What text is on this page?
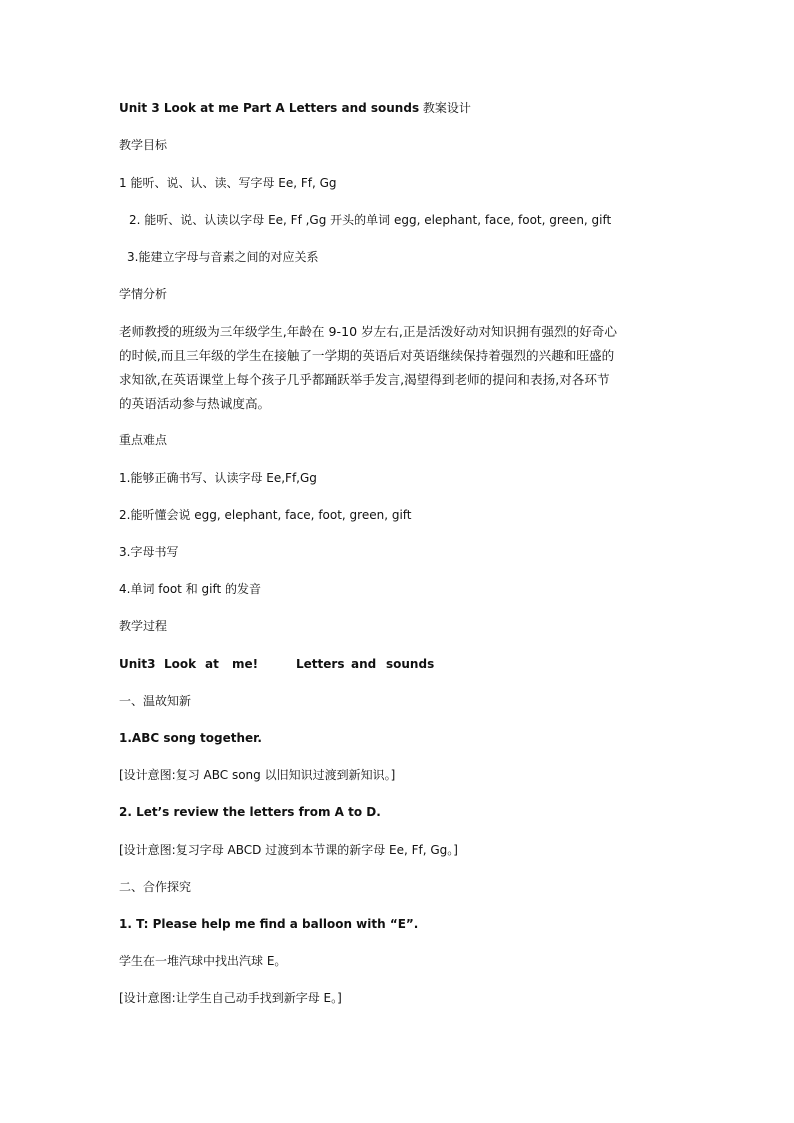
Unit 3 Look at me Part A Letters and sounds 教案设计

教学目标

1 能听、说、认、读、写字母 Ee, Ff, Gg

2. 能听、说、认读以字母 Ee, Ff ,Gg 开头的单词 egg, elephant, face, foot, green, gift

3.能建立字母与音素之间的对应关系

学情分析

老师教授的班级为三年级学生,年龄在 9-10 岁左右,正是活泼好动对知识拥有强烈的好奇心
的时候,而且三年级的学生在接触了一学期的英语后对英语继续保持着强烈的兴趣和旺盛的
求知欲,在英语课堂上每个孩子几乎都踊跃举手发言,渴望得到老师的提问和表扬,对各环节
的英语活动参与热诚度高。

重点难点

1.能够正确书写、认读字母 Ee,Ff,Gg

2.能听懂会说 egg, elephant, face, foot, green, gift

3.字母书写

4.单词 foot 和 gift 的发音

教学过程

Unit3 Look at me!	Letters and sounds

一、温故知新

1.ABC song together.

[设计意图:复习 ABC song 以旧知识过渡到新知识。]

2. Let’s review the letters from A to D.

[设计意图:复习字母 ABCD 过渡到本节课的新字母 Ee, Ff, Gg。]

二、合作探究

1. T: Please help me find a balloon with “E”.

学生在一堆汽球中找出汽球 E。

[设计意图:让学生自己动手找到新字母 E。]
